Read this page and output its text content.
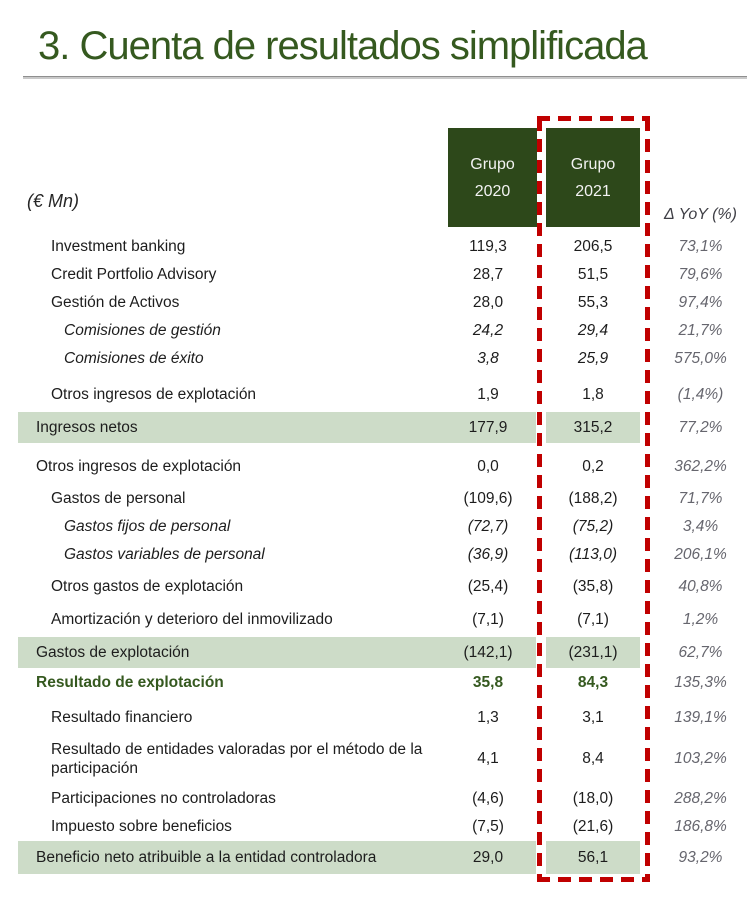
3. Cuenta de resultados simplificada
(€ Mn)
Grupo
2020
Grupo
2021
Δ YoY (%)
Investment banking	119,3	206,5	73,1%
Credit Portfolio Advisory	28,7	51,5	79,6%
Gestión de Activos	28,0	55,3	97,4%
Comisiones de gestión	24,2	29,4	21,7%
Comisiones de éxito	3,8	25,9	575,0%
Otros ingresos de explotación	1,9	1,8	(1,4%)
Ingresos netos	177,9	315,2	77,2%
Otros ingresos de explotación	0,0	0,2	362,2%
Gastos de personal	(109,6)	(188,2)	71,7%
Gastos fijos de personal	(72,7)	(75,2)	3,4%
Gastos variables de personal	(36,9)	(113,0)	206,1%
Otros gastos de explotación	(25,4)	(35,8)	40,8%
Amortización y deterioro del inmovilizado	(7,1)	(7,1)	1,2%
Gastos de explotación	(142,1)	(231,1)	62,7%
Resultado de explotación	35,8	84,3	135,3%
Resultado financiero	1,3	3,1	139,1%
Resultado de entidades valoradas por el método de la participación
4,1	8,4	103,2%
Participaciones no controladoras	(4,6)	(18,0)	288,2%
Impuesto sobre beneficios	(7,5)	(21,6)	186,8%
Beneficio neto atribuible a la entidad controladora	29,0	56,1	93,2%
